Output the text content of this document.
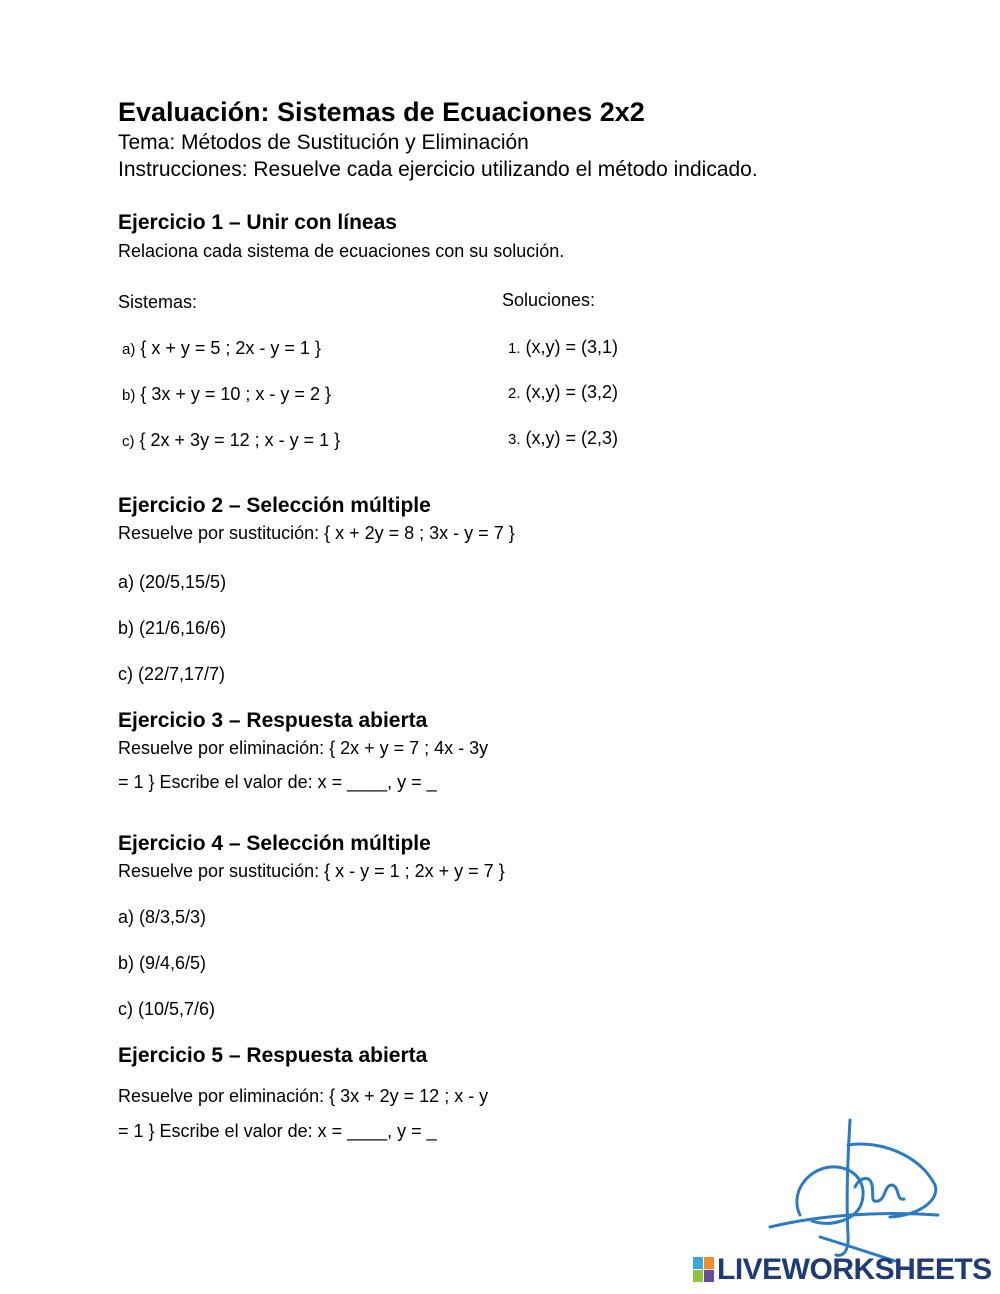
Evaluación: Sistemas de Ecuaciones 2x2
Tema: Métodos de Sustitución y Eliminación
Instrucciones: Resuelve cada ejercicio utilizando el método indicado.
Ejercicio 1 – Unir con líneas
Relaciona cada sistema de ecuaciones con su solución.
Sistemas:	Soluciones:
a) { x + y = 5 ; 2x - y = 1 }
b) { 3x + y = 10 ; x - y = 2 }
c) { 2x + 3y = 12 ; x - y = 1 }
1. (x,y) = (3,1)
2. (x,y) = (3,2)
3. (x,y) = (2,3)
Ejercicio 2 – Selección múltiple
Resuelve por sustitución: { x + 2y = 8 ; 3x - y = 7 }
a) (20/5,15/5)
b) (21/6,16/6)
c) (22/7,17/7)
Ejercicio 3 – Respuesta abierta
Resuelve por eliminación: { 2x + y = 7 ; 4x - 3y
= 1 } Escribe el valor de: x = ____, y = _
Ejercicio 4 – Selección múltiple
Resuelve por sustitución: { x - y = 1 ; 2x + y = 7 }
a) (8/3,5/3)
b) (9/4,6/5)
c) (10/5,7/6)
Ejercicio 5 – Respuesta abierta
Resuelve por eliminación: { 3x + 2y = 12 ; x - y
= 1 } Escribe el valor de: x = ____, y = _
LIVEWORKSHEETS
